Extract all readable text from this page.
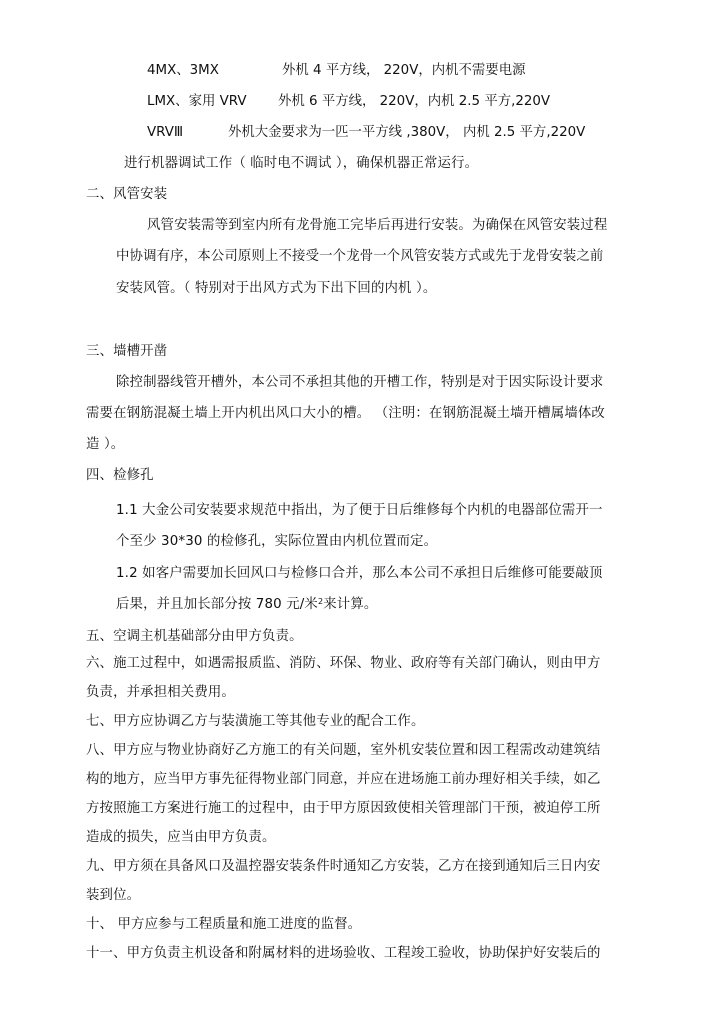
4MX、3MX	外机 4 平方线， 220V，内机不需要电源
LMX、家用 VRV 外机 6 平方线， 220V，内机 2.5 平方,220V
VRVⅢ	外机大金要求为一匹一平方线 ,380V， 内机 2.5 平方,220V
进行机器调试工作（ 临时电不调试 ），确保机器正常运行。
二、风管安装
风管安装需等到室内所有龙骨施工完毕后再进行安装。为确保在风管安装过程
中协调有序，本公司原则上不接受一个龙骨一个风管安装方式或先于龙骨安装之前
安装风管。（ 特别对于出风方式为下出下回的内机 ）。
三、墙槽开凿
除控制器线管开槽外，本公司不承担其他的开槽工作，特别是对于因实际设计要求
需要在钢筋混凝土墙上开内机出风口大小的槽。 （注明：在钢筋混凝土墙开槽属墙体改
造 ）。
四、检修孔
1.1 大金公司安装要求规范中指出，为了便于日后维修每个内机的电器部位需开一
个至少 30*30 的检修孔，实际位置由内机位置而定。
1.2 如客户需要加长回风口与检修口合并，那么本公司不承担日后维修可能要敲顶
后果，并且加长部分按 780 元/米$^2$来计算。
五、空调主机基础部分由甲方负责。
六、施工过程中，如遇需报质监、消防、环保、物业、政府等有关部门确认，则由甲方
负责，并承担相关费用。
七、甲方应协调乙方与装潢施工等其他专业的配合工作。
八、甲方应与物业协商好乙方施工的有关问题，室外机安装位置和因工程需改动建筑结
构的地方，应当甲方事先征得物业部门同意，并应在进场施工前办理好相关手续，如乙
方按照施工方案进行施工的过程中，由于甲方原因致使相关管理部门干预，被迫停工所
造成的损失，应当由甲方负责。
九、甲方须在具备风口及温控器安装条件时通知乙方安装，乙方在接到通知后三日内安
装到位。
十、 甲方应参与工程质量和施工进度的监督。
十一、甲方负责主机设备和附属材料的进场验收、工程竣工验收，协助保护好安装后的
